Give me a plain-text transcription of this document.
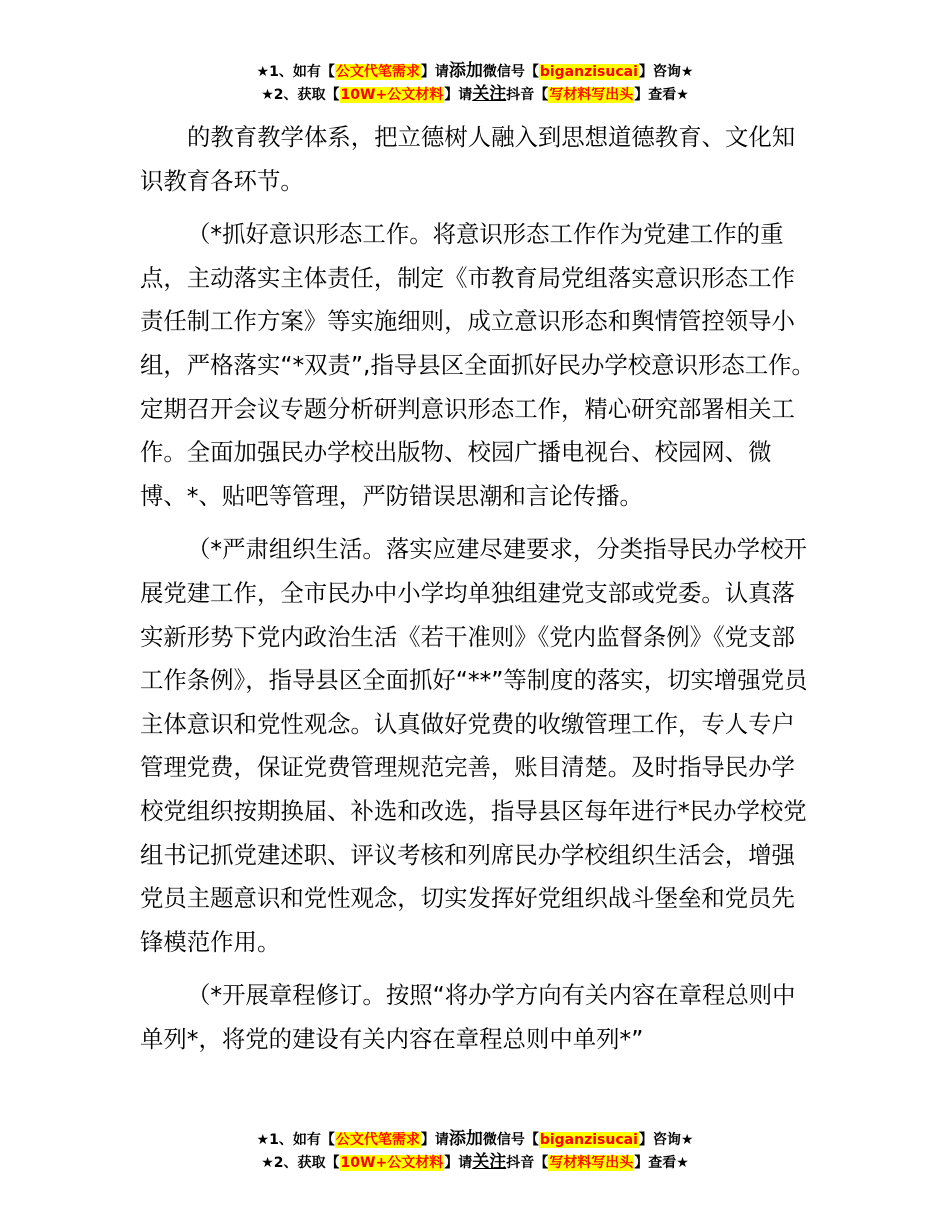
★1、如有【公文代笔需求】请添加微信号【biganzisucai】咨询★
★2、获取【10W+公文材料】请关注抖音【写材料写出头】查看★

的教育教学体系，把立德树人融入到思想道德教育、文化知识教育各环节。

（*抓好意识形态工作。将意识形态工作作为党建工作的重点，主动落实主体责任，制定《市教育局党组落实意识形态工作责任制工作方案》等实施细则，成立意识形态和舆情管控领导小组，严格落实“*双责”,指导县区全面抓好民办学校意识形态工作。定期召开会议专题分析研判意识形态工作，精心研究部署相关工作。全面加强民办学校出版物、校园广播电视台、校园网、微博、*、贴吧等管理，严防错误思潮和言论传播。

（*严肃组织生活。落实应建尽建要求，分类指导民办学校开展党建工作，全市民办中小学均单独组建党支部或党委。认真落实新形势下党内政治生活《若干准则》《党内监督条例》《党支部工作条例》，指导县区全面抓好“**”等制度的落实，切实增强党员主体意识和党性观念。认真做好党费的收缴管理工作，专人专户管理党费，保证党费管理规范完善，账目清楚。及时指导民办学校党组织按期换届、补选和改选，指导县区每年进行*民办学校党组书记抓党建述职、评议考核和列席民办学校组织生活会，增强党员主题意识和党性观念，切实发挥好党组织战斗堡垒和党员先锋模范作用。

（*开展章程修订。按照“将办学方向有关内容在章程总则中单列*，将党的建设有关内容在章程总则中单列*”

★1、如有【公文代笔需求】请添加微信号【biganzisucai】咨询★
★2、获取【10W+公文材料】请关注抖音【写材料写出头】查看★
